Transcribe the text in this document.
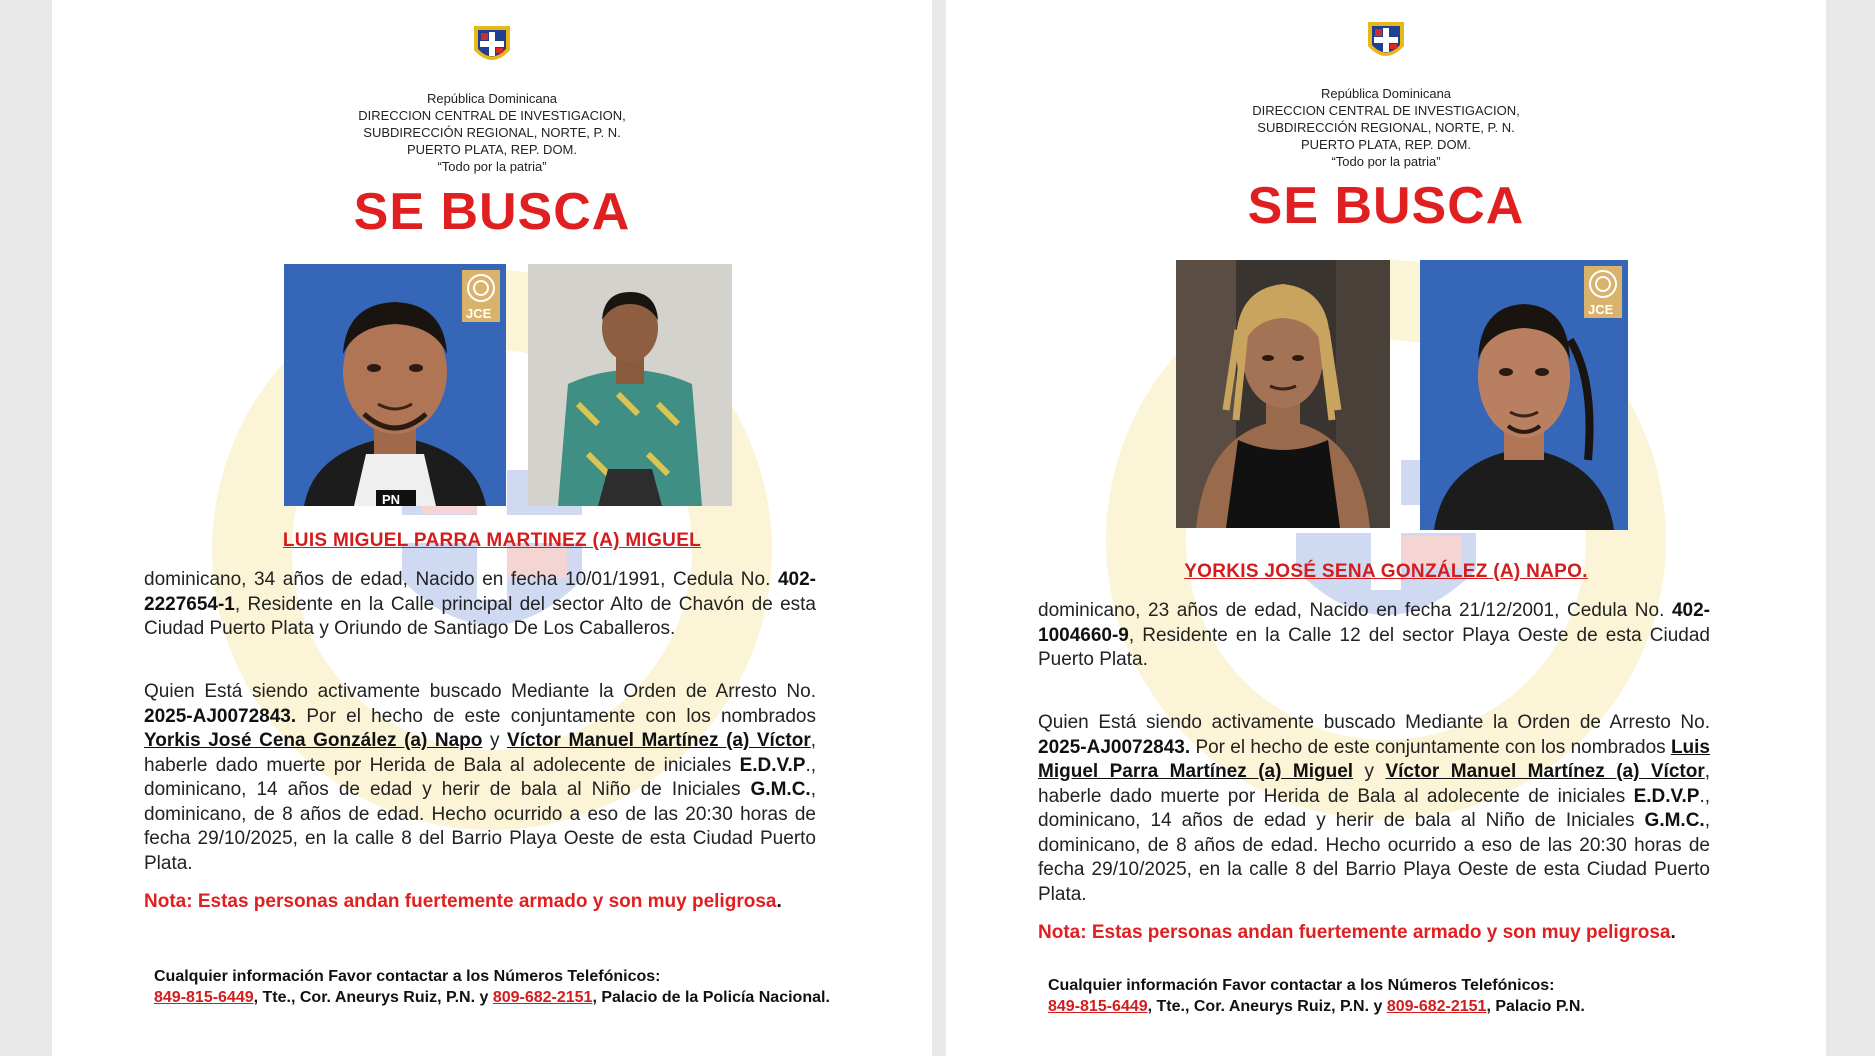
República Dominicana
DIRECCION CENTRAL DE INVESTIGACION,
SUBDIRECCIÓN REGIONAL, NORTE, P. N.
PUERTO PLATA, REP. DOM.
“Todo por la patria”
SE BUSCA
JCE
PN
LUIS MIGUEL PARRA MARTINEZ (A) MIGUEL
dominicano, 34 años de edad, Nacido en fecha 10/01/1991, Cedula No. 402-2227654-1, Residente en la Calle principal del sector Alto de Chavón de esta Ciudad Puerto Plata y Oriundo de Santiago De Los Caballeros.
Quien Está siendo activamente buscado Mediante la Orden de Arresto No. 2025-AJ0072843. Por el hecho de este conjuntamente con los nombrados Yorkis José Cena González (a) Napo y Víctor Manuel Martínez (a) Víctor, haberle dado muerte por Herida de Bala al adolecente de iniciales E.D.V.P., dominicano, 14 años de edad y herir de bala al Niño de Iniciales G.M.C., dominicano, de 8 años de edad. Hecho ocurrido a eso de las 20:30 horas de fecha 29/10/2025, en la calle 8 del Barrio Playa Oeste de esta Ciudad Puerto Plata.
Nota: Estas personas andan fuertemente armado y son muy peligrosa.
Cualquier información Favor contactar a los Números Telefónicos:
849-815-6449, Tte., Cor. Aneurys Ruiz, P.N. y 809-682-2151, Palacio de la Policía Nacional.
República Dominicana
DIRECCION CENTRAL DE INVESTIGACION,
SUBDIRECCIÓN REGIONAL, NORTE, P. N.
PUERTO PLATA, REP. DOM.
“Todo por la patria”
SE BUSCA
JCE
YORKIS JOSÉ SENA GONZÁLEZ (A) NAPO.
dominicano, 23 años de edad, Nacido en fecha 21/12/2001, Cedula No. 402-1004660-9, Residente en la Calle 12 del sector Playa Oeste de esta Ciudad Puerto Plata.
Quien Está siendo activamente buscado Mediante la Orden de Arresto No. 2025-AJ0072843. Por el hecho de este conjuntamente con los nombrados Luis Miguel Parra Martínez (a) Miguel y Víctor Manuel Martínez (a) Víctor, haberle dado muerte por Herida de Bala al adolecente de iniciales E.D.V.P., dominicano, 14 años de edad y herir de bala al Niño de Iniciales G.M.C., dominicano, de 8 años de edad. Hecho ocurrido a eso de las 20:30 horas de fecha 29/10/2025, en la calle 8 del Barrio Playa Oeste de esta Ciudad Puerto Plata.
Nota: Estas personas andan fuertemente armado y son muy peligrosa.
Cualquier información Favor contactar a los Números Telefónicos:
849-815-6449, Tte., Cor. Aneurys Ruiz, P.N. y 809-682-2151, Palacio P.N.
